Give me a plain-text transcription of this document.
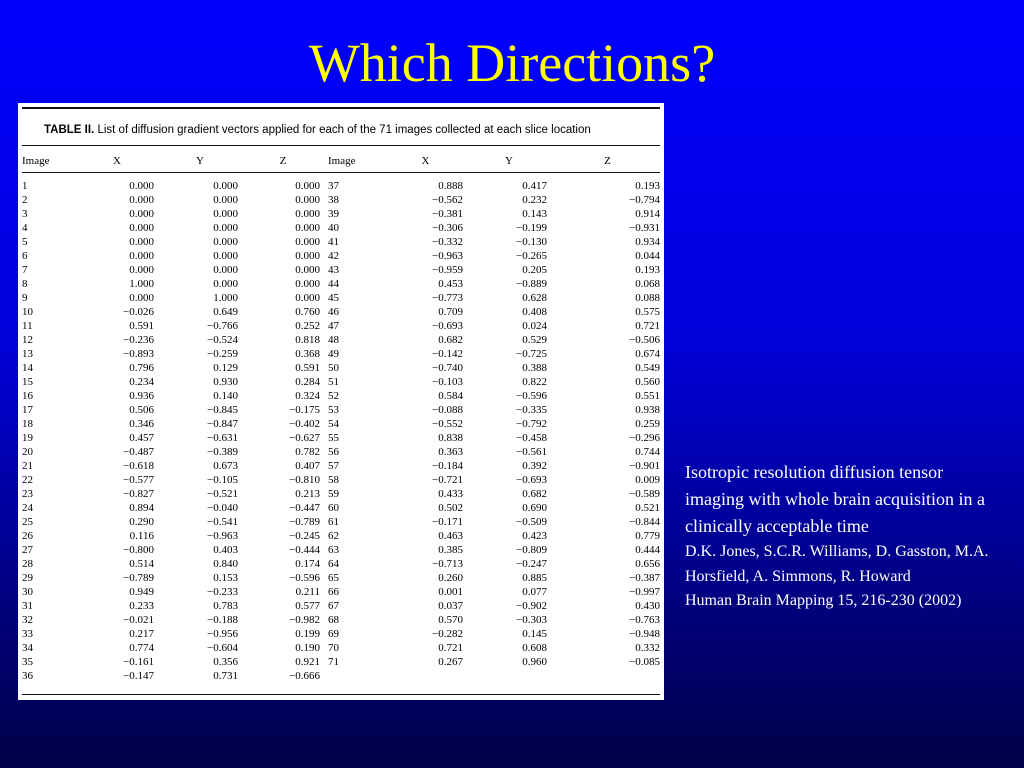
Which Directions?
TABLE II. List of diffusion gradient vectors applied for each of the 71 images collected at each slice location
Image	X	Y	Z	Image	X	Y	Z

1	0.000	0.000	0.000	37	0.888	0.417	0.193
2	0.000	0.000	0.000	38	−0.562	0.232	−0.794
3	0.000	0.000	0.000	39	−0.381	0.143	0.914
4	0.000	0.000	0.000	40	−0.306	−0.199	−0.931
5	0.000	0.000	0.000	41	−0.332	−0.130	0.934
6	0.000	0.000	0.000	42	−0.963	−0.265	0.044
7	0.000	0.000	0.000	43	−0.959	0.205	0.193
8	1.000	0.000	0.000	44	0.453	−0.889	0.068
9	0.000	1.000	0.000	45	−0.773	0.628	0.088
10	−0.026	0.649	0.760	46	0.709	0.408	0.575
11	0.591	−0.766	0.252	47	−0.693	0.024	0.721
12	−0.236	−0.524	0.818	48	0.682	0.529	−0.506
13	−0.893	−0.259	0.368	49	−0.142	−0.725	0.674
14	0.796	0.129	0.591	50	−0.740	0.388	0.549
15	0.234	0.930	0.284	51	−0.103	0.822	0.560
16	0.936	0.140	0.324	52	0.584	−0.596	0.551
17	0.506	−0.845	−0.175	53	−0.088	−0.335	0.938
18	0.346	−0.847	−0.402	54	−0.552	−0.792	0.259
19	0.457	−0.631	−0.627	55	0.838	−0.458	−0.296
20	−0.487	−0.389	0.782	56	0.363	−0.561	0.744
21	−0.618	0.673	0.407	57	−0.184	0.392	−0.901
22	−0.577	−0.105	−0.810	58	−0.721	−0.693	0.009
23	−0.827	−0.521	0.213	59	0.433	0.682	−0.589
24	0.894	−0.040	−0.447	60	0.502	0.690	0.521
25	0.290	−0.541	−0.789	61	−0.171	−0.509	−0.844
26	0.116	−0.963	−0.245	62	0.463	0.423	0.779
27	−0.800	0.403	−0.444	63	0.385	−0.809	0.444
28	0.514	0.840	0.174	64	−0.713	−0.247	0.656
29	−0.789	0.153	−0.596	65	0.260	0.885	−0.387
30	0.949	−0.233	0.211	66	0.001	0.077	−0.997
31	0.233	0.783	0.577	67	0.037	−0.902	0.430
32	−0.021	−0.188	−0.982	68	0.570	−0.303	−0.763
33	0.217	−0.956	0.199	69	−0.282	0.145	−0.948
34	0.774	−0.604	0.190	70	0.721	0.608	0.332
35	−0.161	0.356	0.921	71	0.267	0.960	−0.085
36	−0.147	0.731	−0.666				
Isotropic resolution diffusion tensor imaging with whole brain acquisition in a clinically acceptable time
D.K. Jones, S.C.R. Williams, D. Gasston, M.A. Horsfield, A. Simmons, R. Howard
Human Brain Mapping 15, 216-230 (2002)
